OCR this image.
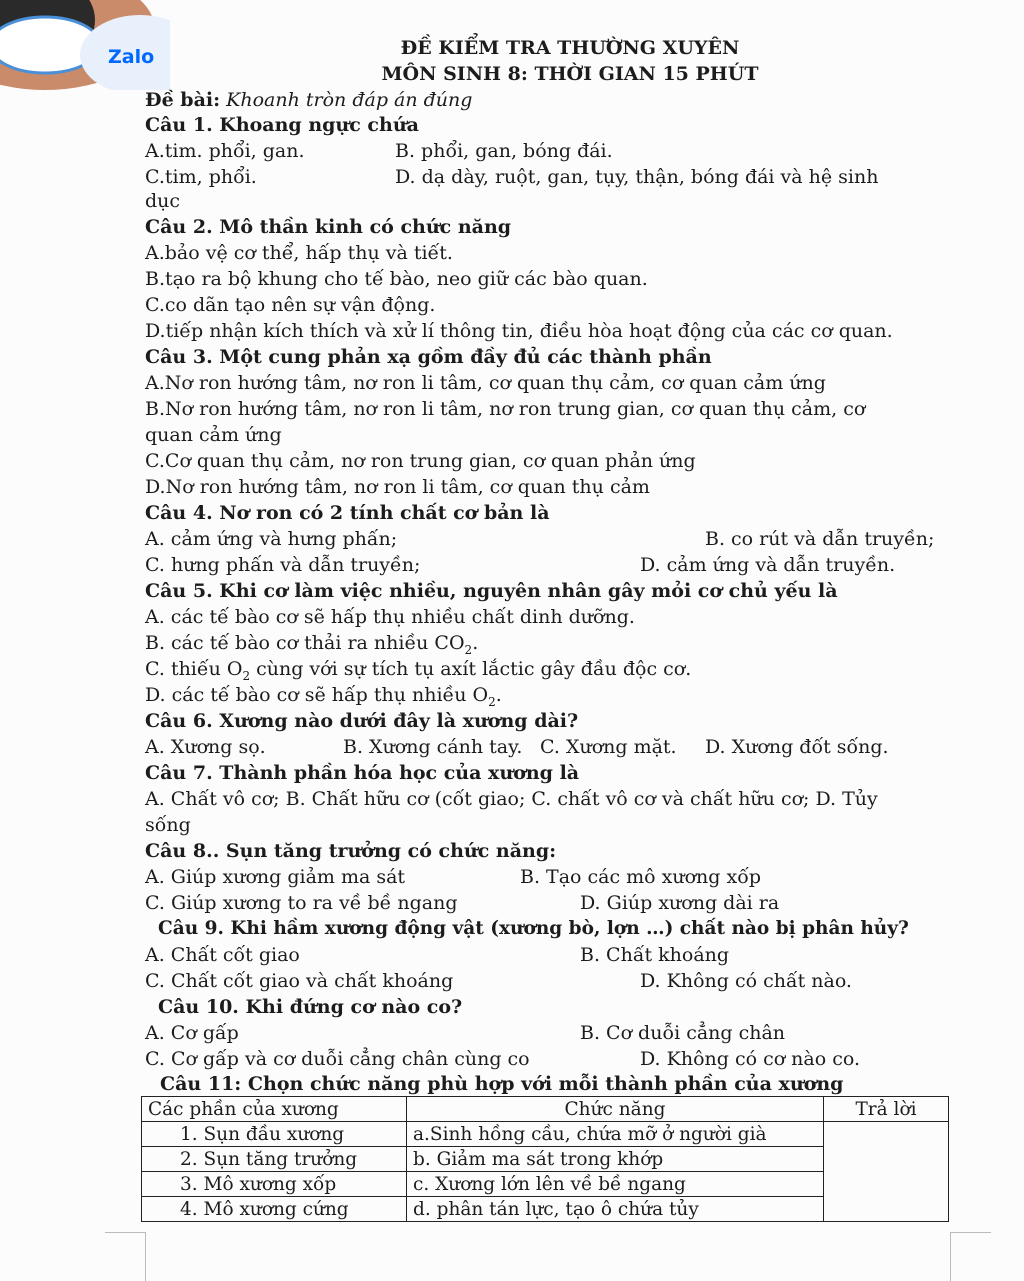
Zalo	ĐỀ KIỂM TRA THƯỜNG XUYÊN
MÔN SINH 8: THỜI GIAN 15 PHÚT
Đề bài: Khoanh tròn đáp án đúng
Câu 1. Khoang ngực chứa
A.tim. phổi, gan.	B. phổi, gan, bóng đái.
C.tim, phổi.	D. dạ dày, ruột, gan, tụy, thận, bóng đái và hệ sinh
dục
Câu 2. Mô thần kinh có chức năng
A.bảo vệ cơ thể, hấp thụ và tiết.
B.tạo ra bộ khung cho tế bào, neo giữ các bào quan.
C.co dãn tạo nên sự vận động.
D.tiếp nhận kích thích và xử lí thông tin, điều hòa hoạt động của các cơ quan.
Câu 3. Một cung phản xạ gồm đầy đủ các thành phần
A.Nơ ron hướng tâm, nơ ron li tâm, cơ quan thụ cảm, cơ quan cảm ứng
B.Nơ ron hướng tâm, nơ ron li tâm, nơ ron trung gian, cơ quan thụ cảm, cơ
quan cảm ứng
C.Cơ quan thụ cảm, nơ ron trung gian, cơ quan phản ứng
D.Nơ ron hướng tâm, nơ ron li tâm, cơ quan thụ cảm
Câu 4. Nơ ron có 2 tính chất cơ bản là
A. cảm ứng và hưng phấn;	B. co rút và dẫn truyền;
C. hưng phấn và dẫn truyền;	D. cảm ứng và dẫn truyền.
Câu 5. Khi cơ làm việc nhiều, nguyên nhân gây mỏi cơ chủ yếu là
A. các tế bào cơ sẽ hấp thụ nhiều chất dinh dưỡng.
B. các tế bào cơ thải ra nhiều $CO_2$.
C. thiếu $O_2$ cùng với sự tích tụ axít lắctic gây đầu độc cơ.
D. các tế bào cơ sẽ hấp thụ nhiều $O_2$.
Câu 6. Xương nào dưới đây là xương dài?
A. Xương sọ.	B. Xương cánh tay. C. Xương mặt. D. Xương đốt sống.
Câu 7. Thành phần hóa học của xương là
A. Chất vô cơ; B. Chất hữu cơ (cốt giao; C. chất vô cơ và chất hữu cơ; D. Tủy
sống
Câu 8.. Sụn tăng trưởng có chức năng:
A. Giúp xương giảm ma sát	B. Tạo các mô xương xốp
C. Giúp xương to ra về bề ngang	D. Giúp xương dài ra
Câu 9. Khi hầm xương động vật (xương bò, lợn …) chất nào bị phân hủy?
A. Chất cốt giao	B. Chất khoáng
C. Chất cốt giao và chất khoáng	D. Không có chất nào.
Câu 10. Khi đứng cơ nào co?
A. Cơ gấp	B. Cơ duỗi cẳng chân
C. Cơ gấp và cơ duỗi cẳng chân cùng co	D. Không có cơ nào co.
Câu 11: Chọn chức năng phù hợp với mỗi thành phần của xương
Các phần của xương	Chức năng	Trả lời
1. Sụn đầu xương	a.Sinh hồng cầu, chứa mỡ ở người già	
2. Sụn tăng trưởng	b. Giảm ma sát trong khớp	
3. Mô xương xốp	c. Xương lớn lên về bề ngang	
4. Mô xương cứng	d. phân tán lực, tạo ô chứa tủy	
